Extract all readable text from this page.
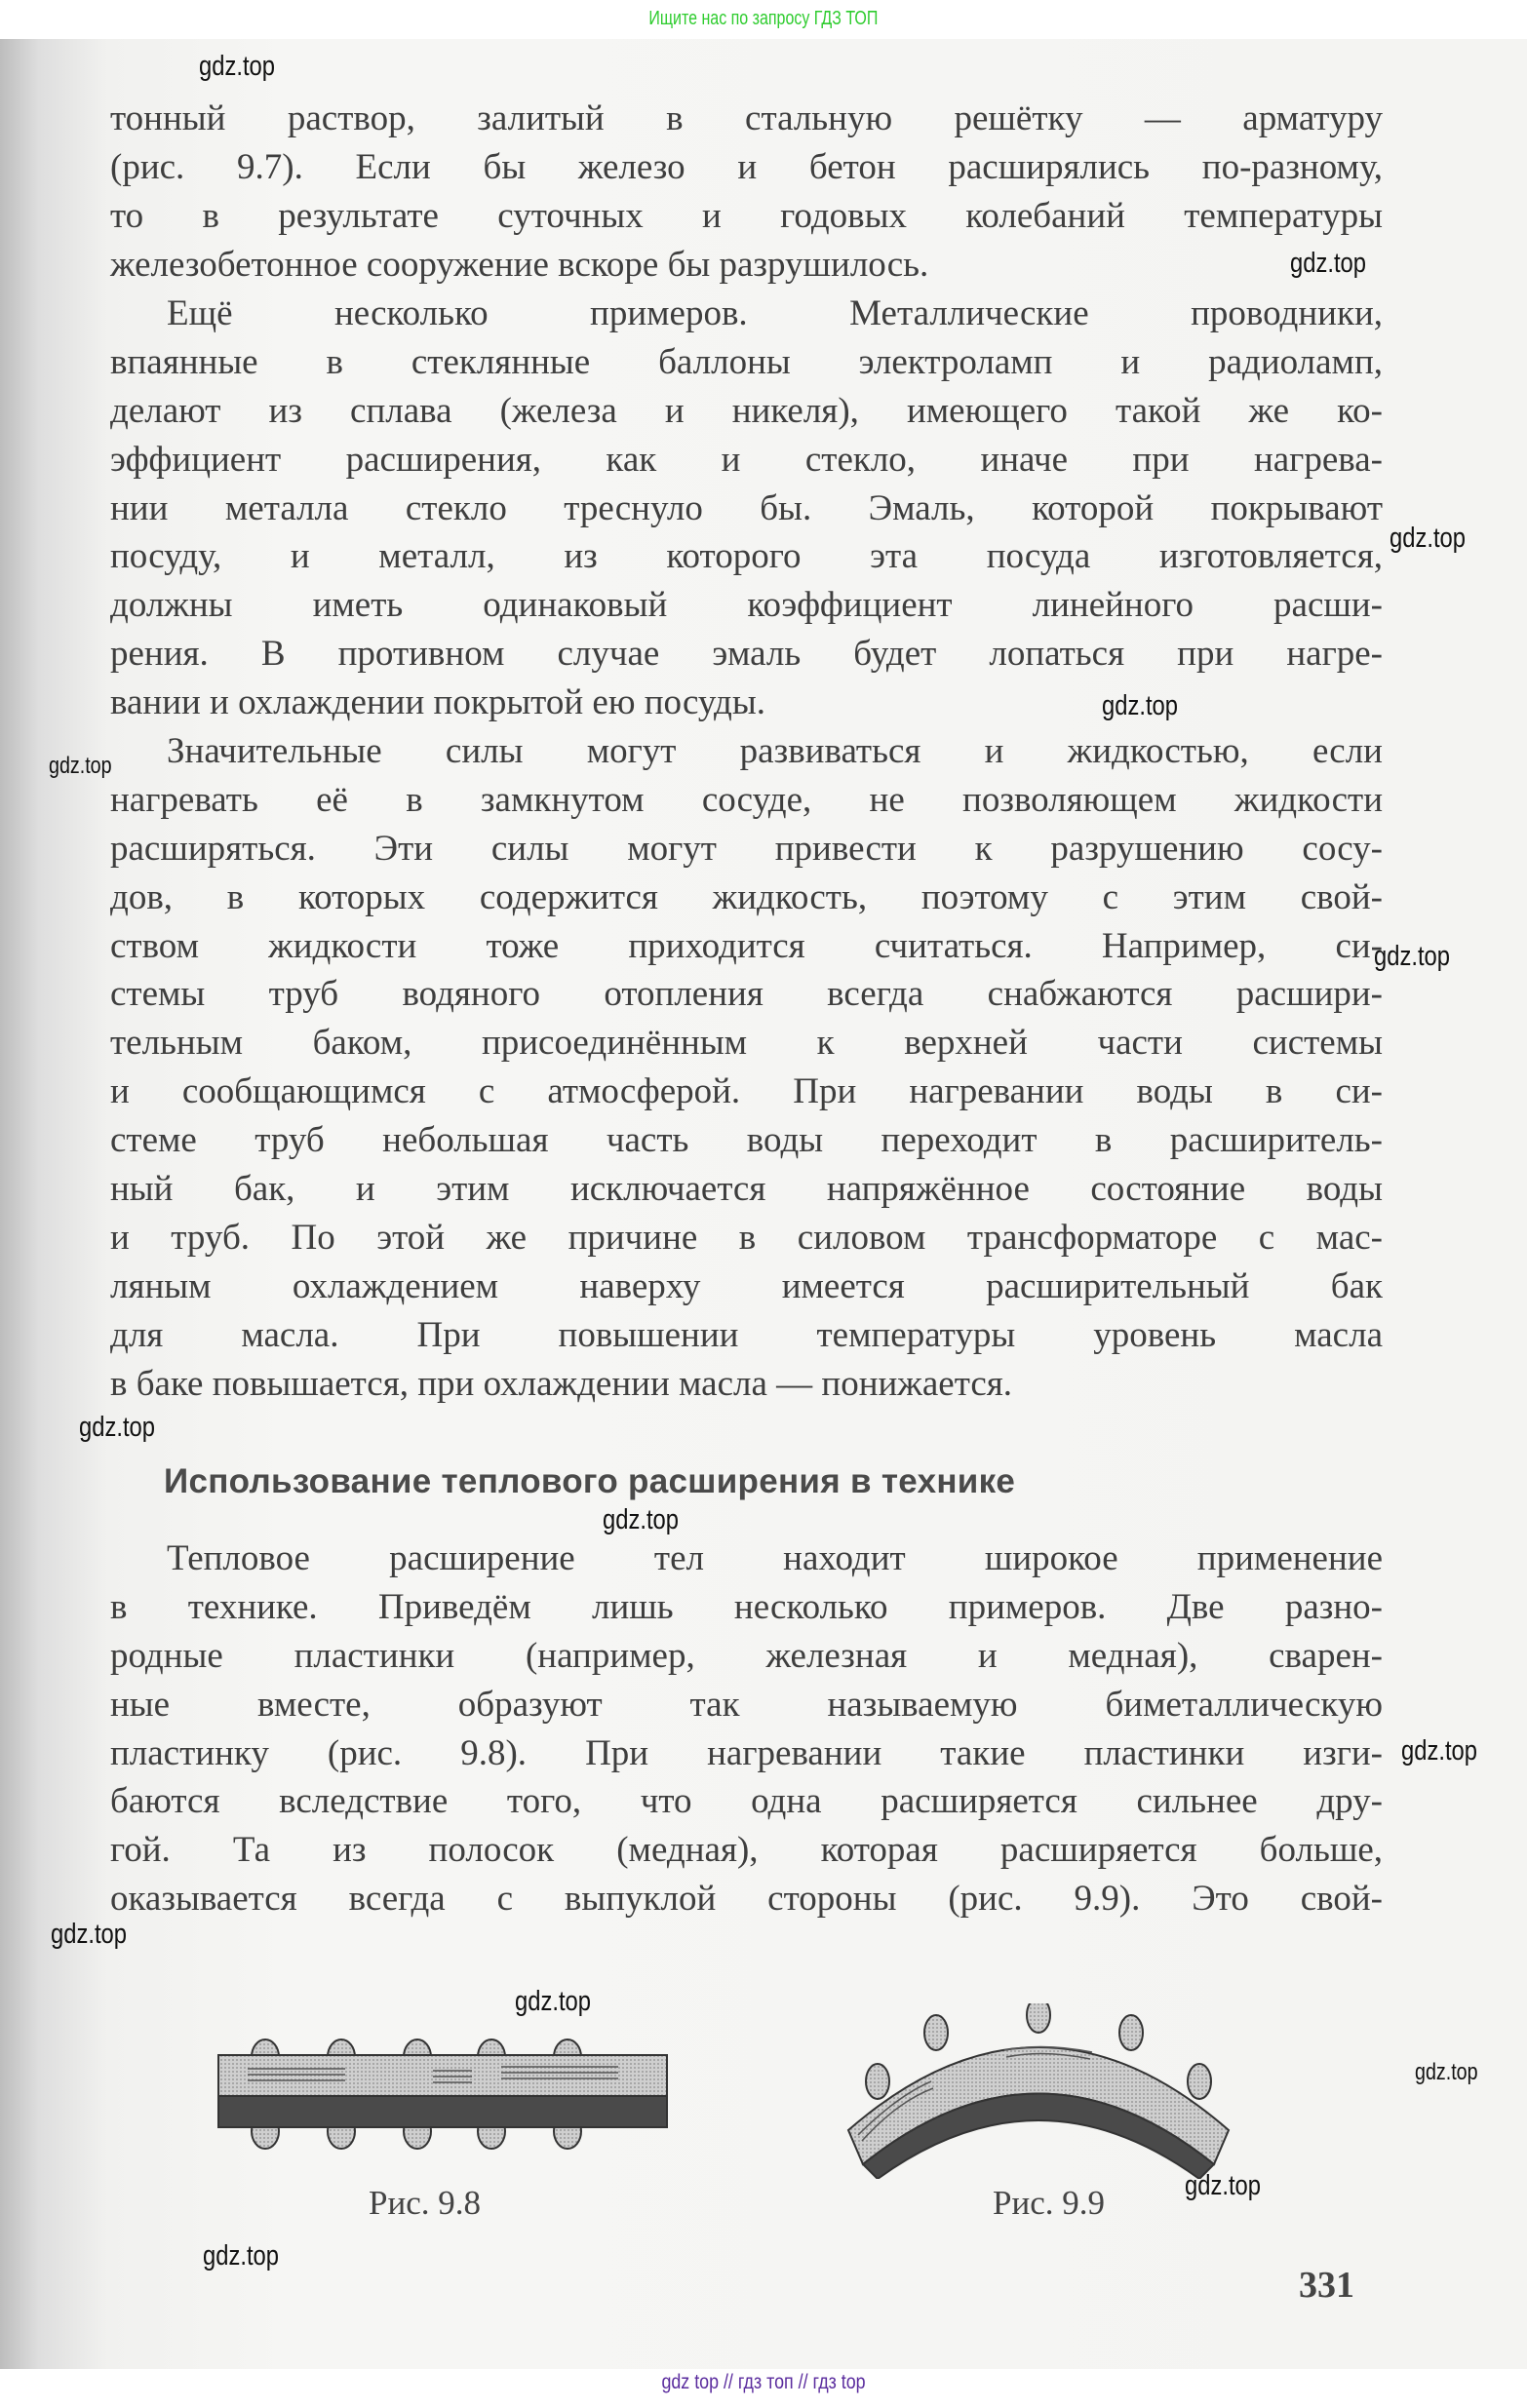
Ищите нас по запросу ГДЗ ТОП
тонный раствор, залитый в стальную решётку — арматуру
(рис. 9.7). Если бы железо и бетон расширялись по-разному,
то в результате суточных и годовых колебаний температуры
железобетонное сооружение вскоре бы разрушилось.
Ещё несколько примеров. Металлические проводники,
впаянные в стеклянные баллоны электроламп и радиоламп,
делают из сплава (железа и никеля), имеющего такой же ко-
эффициент расширения, как и стекло, иначе при нагрева-
нии металла стекло треснуло бы. Эмаль, которой покрывают
посуду, и металл, из которого эта посуда изготовляется,
должны иметь одинаковый коэффициент линейного расши-
рения. В противном случае эмаль будет лопаться при нагре-
вании и охлаждении покрытой ею посуды.
Значительные силы могут развиваться и жидкостью, если
нагревать её в замкнутом сосуде, не позволяющем жидкости
расширяться. Эти силы могут привести к разрушению сосу-
дов, в которых содержится жидкость, поэтому с этим свой-
ством жидкости тоже приходится считаться. Например, си-
стемы труб водяного отопления всегда снабжаются расшири-
тельным баком, присоединённым к верхней части системы
и сообщающимся с атмосферой. При нагревании воды в си-
стеме труб небольшая часть воды переходит в расширитель-
ный бак, и этим исключается напряжённое состояние воды
и труб. По этой же причине в силовом трансформаторе с мас-
ляным охлаждением наверху имеется расширительный бак
для масла. При повышении температуры уровень масла
в баке повышается, при охлаждении масла — понижается.
Использование теплового расширения в технике
Тепловое расширение тел находит широкое применение
в технике. Приведём лишь несколько примеров. Две разно-
родные пластинки (например, железная и медная), сварен-
ные вместе, образуют так называемую биметаллическую
пластинку (рис. 9.8). При нагревании такие пластинки изги-
баются вследствие того, что одна расширяется сильнее дру-
гой. Та из полосок (медная), которая расширяется больше,
оказывается всегда с выпуклой стороны (рис. 9.9). Это свой-
Рис. 9.8	Рис. 9.9
331
gdz.top
gdz.top
gdz.top
gdz.top
gdz.top
gdz.top
gdz.top
gdz.top
gdz.top
gdz.top
gdz.top
gdz.top
gdz.top
gdz.top
gdz top // гдз топ // гдз top
